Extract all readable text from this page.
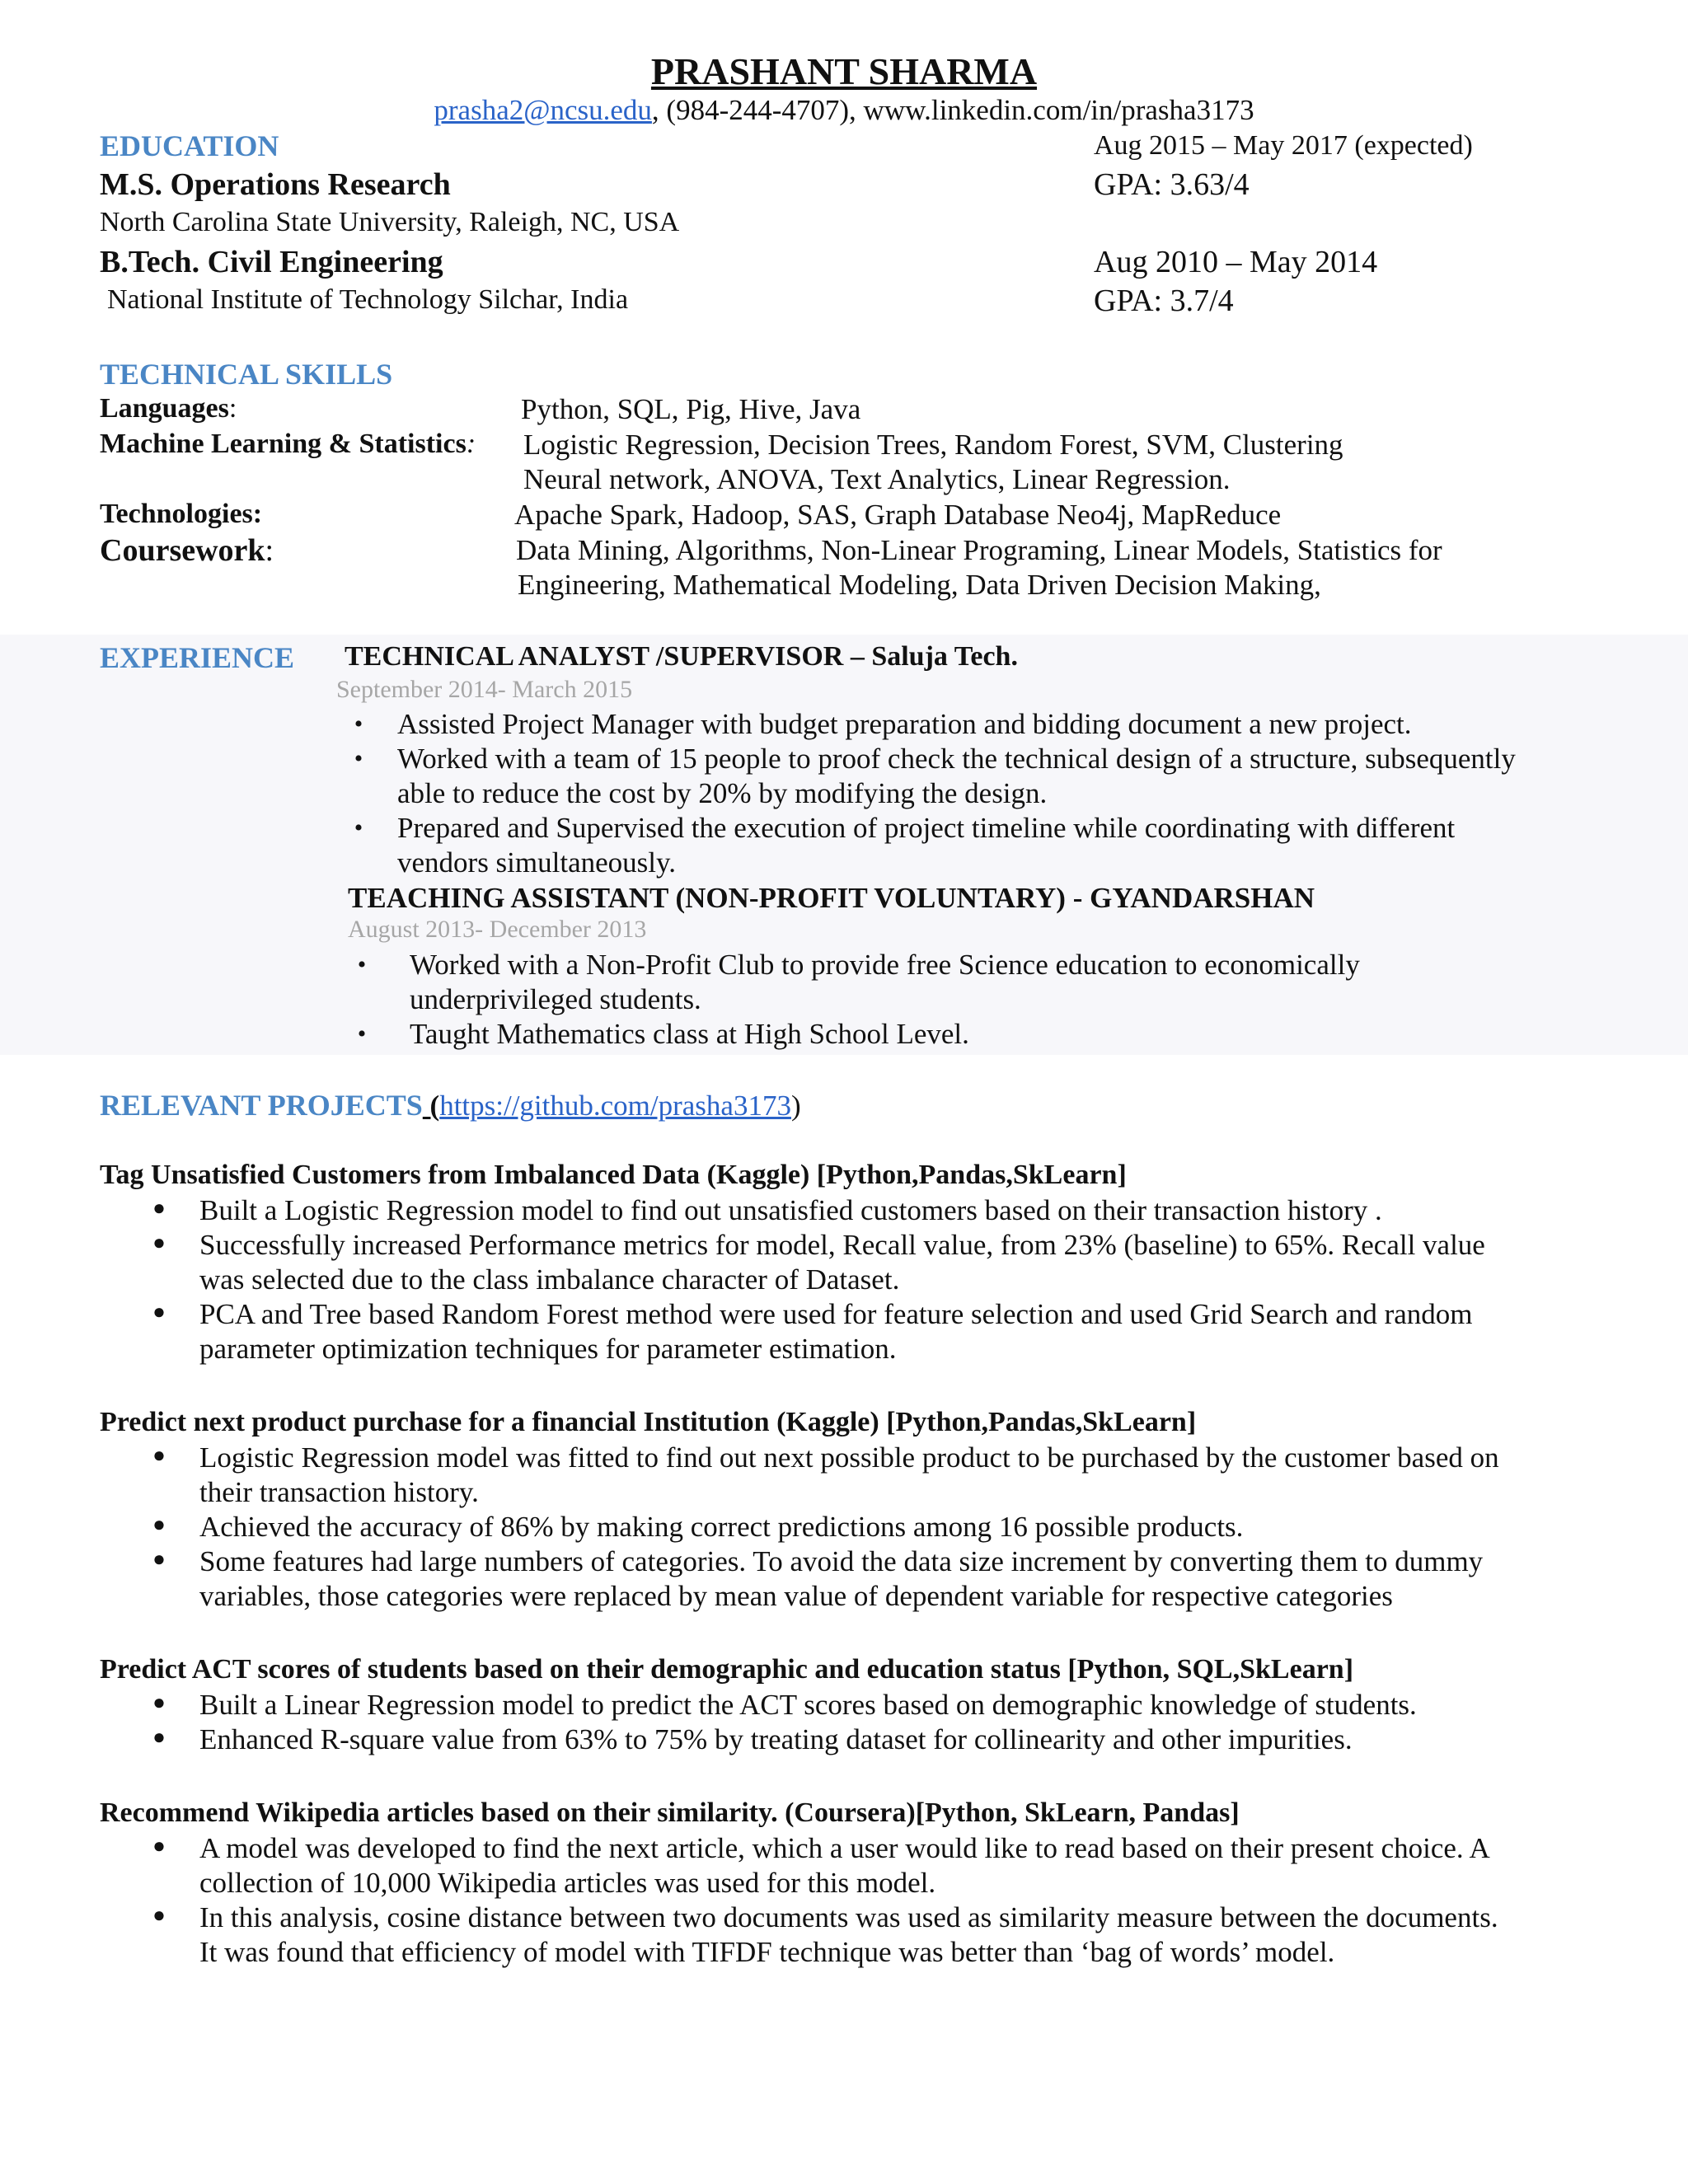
PRASHANT SHARMA
prasha2@ncsu.edu, (984-244-4707), www.linkedin.com/in/prasha3173
EDUCATION	Aug 2015 – May 2017 (expected)
M.S. Operations Research	GPA: 3.63/4
North Carolina State University, Raleigh, NC, USA
B.Tech. Civil Engineering	Aug 2010 – May 2014
National Institute of Technology Silchar, India	GPA: 3.7/4
TECHNICAL SKILLS
Languages:	Python, SQL, Pig, Hive, Java
Machine Learning & Statistics: Logistic Regression, Decision Trees, Random Forest, SVM, Clustering
Neural network, ANOVA, Text Analytics, Linear Regression.
Technologies:	Apache Spark, Hadoop, SAS, Graph Database Neo4j, MapReduce
Coursework:	Data Mining, Algorithms, Non-Linear Programing, Linear Models, Statistics for
Engineering, Mathematical Modeling, Data Driven Decision Making,
EXPERIENCE TECHNICAL ANALYST /SUPERVISOR – Saluja Tech.
September 2014- March 2015
• Assisted Project Manager with budget preparation and bidding document a new project.
• Worked with a team of 15 people to proof check the technical design of a structure, subsequently
able to reduce the cost by 20% by modifying the design.
• Prepared and Supervised the execution of project timeline while coordinating with different
vendors simultaneously.
TEACHING ASSISTANT (NON-PROFIT VOLUNTARY) - GYANDARSHAN
August 2013- December 2013
• Worked with a Non-Profit Club to provide free Science education to economically
underprivileged students.
• Taught Mathematics class at High School Level.
RELEVANT PROJECTS (https://github.com/prasha3173)
Tag Unsatisfied Customers from Imbalanced Data (Kaggle) [Python,Pandas,SkLearn]
● Built a Logistic Regression model to find out unsatisfied customers based on their transaction history .
● Successfully increased Performance metrics for model, Recall value, from 23% (baseline) to 65%. Recall value
was selected due to the class imbalance character of Dataset.
● PCA and Tree based Random Forest method were used for feature selection and used Grid Search and random
parameter optimization techniques for parameter estimation.
Predict next product purchase for a financial Institution (Kaggle) [Python,Pandas,SkLearn]
● Logistic Regression model was fitted to find out next possible product to be purchased by the customer based on
their transaction history.
● Achieved the accuracy of 86% by making correct predictions among 16 possible products.
● Some features had large numbers of categories. To avoid the data size increment by converting them to dummy
variables, those categories were replaced by mean value of dependent variable for respective categories
Predict ACT scores of students based on their demographic and education status [Python, SQL,SkLearn]
● Built a Linear Regression model to predict the ACT scores based on demographic knowledge of students.
● Enhanced R-square value from 63% to 75% by treating dataset for collinearity and other impurities.
Recommend Wikipedia articles based on their similarity. (Coursera)[Python, SkLearn, Pandas]
● A model was developed to find the next article, which a user would like to read based on their present choice. A
collection of 10,000 Wikipedia articles was used for this model.
● In this analysis, cosine distance between two documents was used as similarity measure between the documents.
It was found that efficiency of model with TIFDF technique was better than ‘bag of words’ model.
